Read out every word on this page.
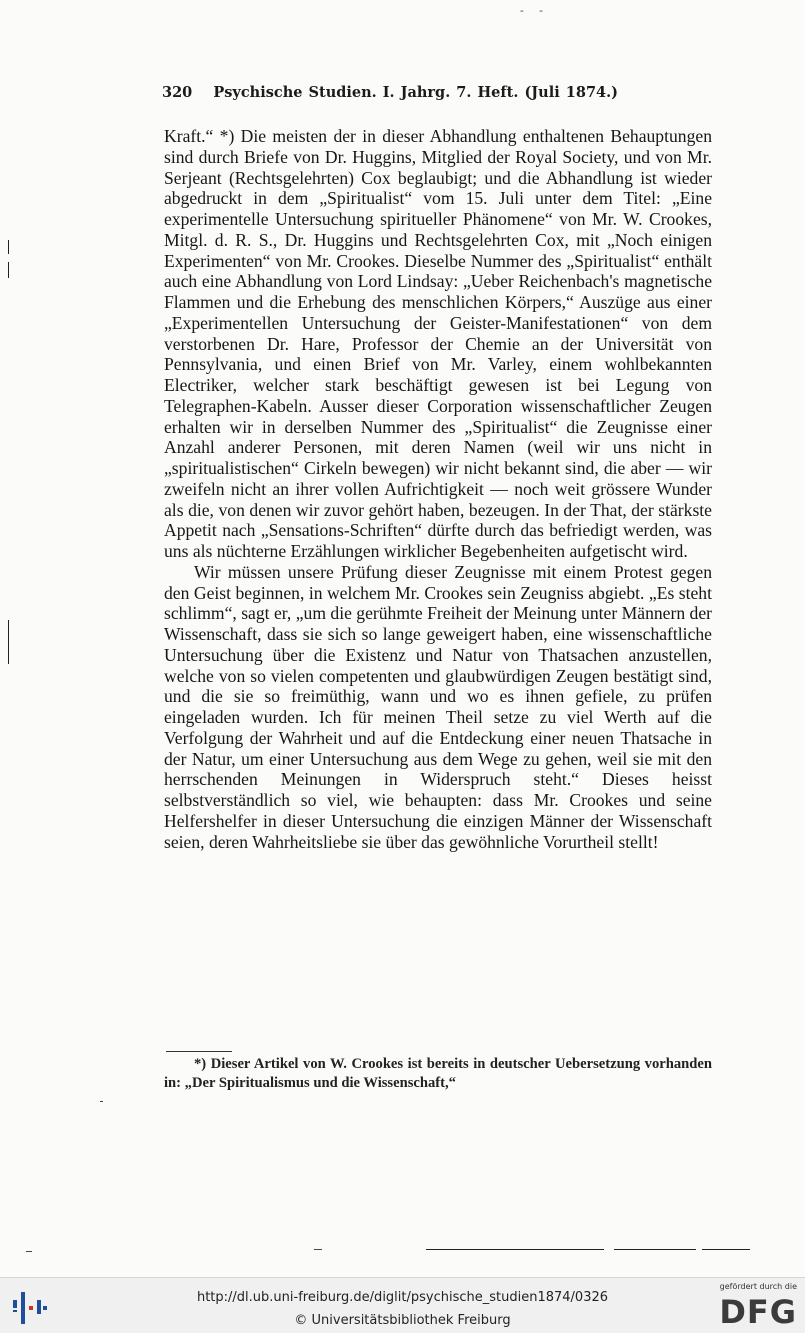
- -
320 Psychische Studien. I. Jahrg. 7. Heft. (Juli 1874.)

Kraft.“ *) Die meisten der in dieser Abhandlung enthaltenen Behauptungen sind durch Briefe von Dr. Huggins, Mitglied der Royal Society, und von Mr. Serjeant (Rechtsgelehrten) Cox beglaubigt; und die Abhandlung ist wieder abgedruckt in dem „Spiritualist“ vom 15. Juli unter dem Titel: „Eine experimentelle Untersuchung spiritueller Phänomene“ von Mr. W. Crookes, Mitgl. d. R. S., Dr. Huggins und Rechtsgelehrten Cox, mit „Noch einigen Experimenten“ von Mr. Crookes. Dieselbe Nummer des „Spiritualist“ enthält auch eine Abhandlung von Lord Lindsay: „Ueber Reichenbach's magnetische Flammen und die Erhebung des menschlichen Körpers,“ Auszüge aus einer „Experimentellen Untersuchung der Geister-Manifestationen“ von dem verstorbenen Dr. Hare, Professor der Chemie an der Universität von Pennsylvania, und einen Brief von Mr. Varley, einem wohlbekannten Electriker, welcher stark beschäftigt gewesen ist bei Legung von Telegraphen-Kabeln. Ausser dieser Corporation wissenschaftlicher Zeugen erhalten wir in derselben Nummer des „Spiritualist“ die Zeugnisse einer Anzahl anderer Personen, mit deren Namen (weil wir uns nicht in „spiritualistischen“ Cirkeln bewegen) wir nicht bekannt sind, die aber — wir zweifeln nicht an ihrer vollen Aufrichtigkeit — noch weit grössere Wunder als die, von denen wir zuvor gehört haben, bezeugen. In der That, der stärkste Appetit nach „Sensations-Schriften“ dürfte durch das befriedigt werden, was uns als nüchterne Erzählungen wirklicher Begebenheiten aufgetischt wird.

Wir müssen unsere Prüfung dieser Zeugnisse mit einem Protest gegen den Geist beginnen, in welchem Mr. Crookes sein Zeugniss abgiebt. „Es steht schlimm“, sagt er, „um die gerühmte Freiheit der Meinung unter Männern der Wissenschaft, dass sie sich so lange geweigert haben, eine wissenschaftliche Untersuchung über die Existenz und Natur von Thatsachen anzustellen, welche von so vielen competenten und glaubwürdigen Zeugen bestätigt sind, und die sie so freimüthig, wann und wo es ihnen gefiele, zu prüfen eingeladen wurden. Ich für meinen Theil setze zu viel Werth auf die Verfolgung der Wahrheit und auf die Entdeckung einer neuen Thatsache in der Natur, um einer Untersuchung aus dem Wege zu gehen, weil sie mit den herrschenden Meinungen in Widerspruch steht.“ Dieses heisst selbstverständlich so viel, wie behaupten: dass Mr. Crookes und seine Helfershelfer in dieser Untersuchung die einzigen Männer der Wissenschaft seien, deren Wahrheitsliebe sie über das gewöhnliche Vorurtheil stellt!

*) Dieser Artikel von W. Crookes ist bereits in deutscher Uebersetzung vorhanden in: „Der Spiritualismus und die Wissenschaft,“

http://dl.ub.uni-freiburg.de/diglit/psychische_studien1874/0326
© Universitätsbibliothek Freiburg
gefördert durch die
DFG
